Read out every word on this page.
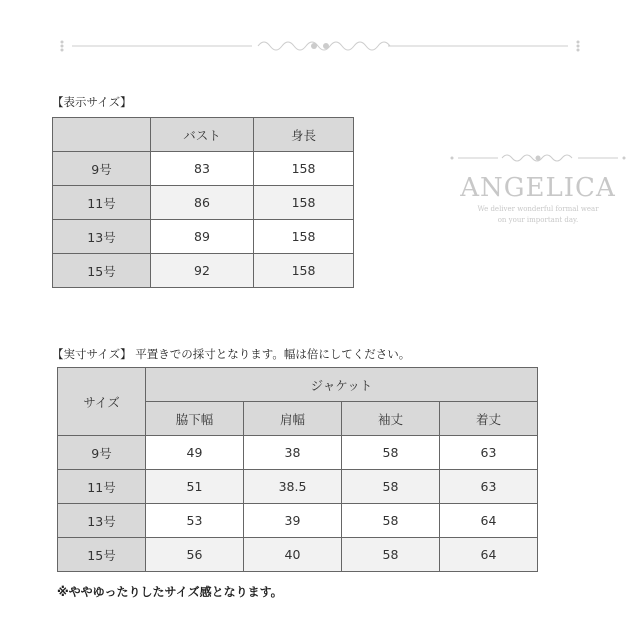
【表示サイズ】
	バスト	身長
9号	83	158
11号	86	158
13号	89	158
15号	92	158
ANGELICA
We deliver wonderful formal wear
on your important day.
【実寸サイズ】 平置きでの採寸となります。幅は倍にしてください。
サイズ	ジャケット			
	脇下幅	肩幅	袖丈	着丈
9号	49	38	58	63
11号	51	38.5	58	63
13号	53	39	58	64
15号	56	40	58	64
※ややゆったりしたサイズ感となります。
